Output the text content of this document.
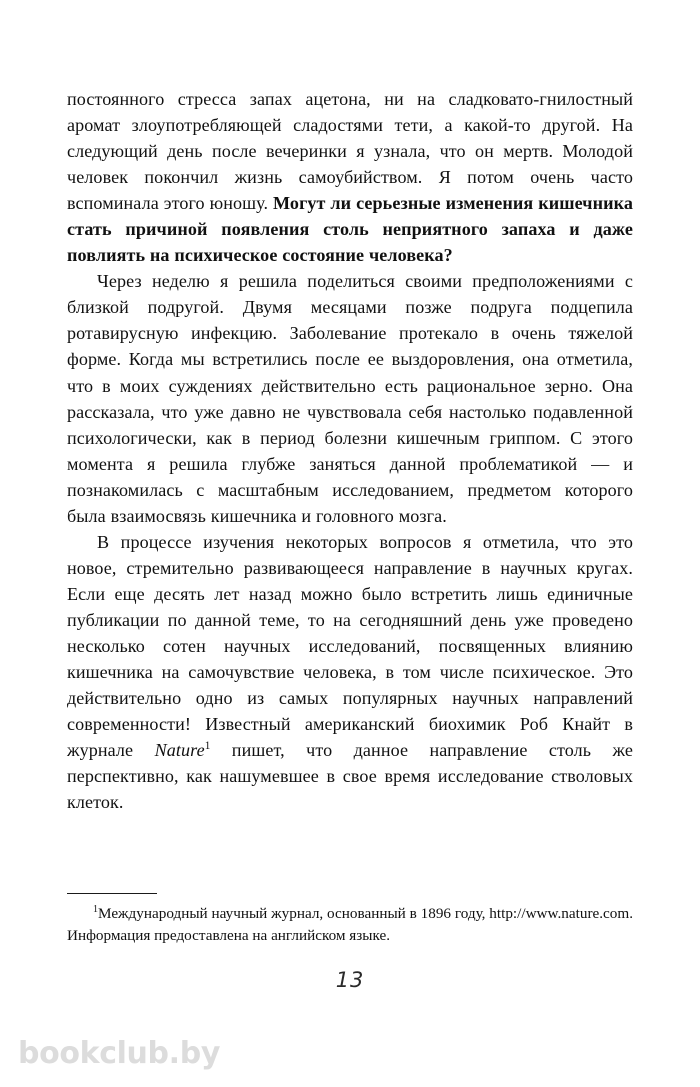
постоянного стресса запах ацетона, ни на сладковато-гнилостный аромат злоупотребляющей сладостями тети, а какой-то другой. На следующий день после вечеринки я узнала, что он мертв. Молодой человек покончил жизнь самоубийством. Я потом очень часто вспоминала этого юношу. Могут ли серьезные изменения кишечника стать причиной появления столь неприятного запаха и даже повлиять на психическое состояние человека?

Через неделю я решила поделиться своими предположениями с близкой подругой. Двумя месяцами позже подруга подцепила ротавирусную инфекцию. Заболевание протекало в очень тяжелой форме. Когда мы встретились после ее выздоровления, она отметила, что в моих суждениях действительно есть рациональное зерно. Она рассказала, что уже давно не чувствовала себя настолько подавленной психологически, как в период болезни кишечным гриппом. С этого момента я решила глубже заняться данной проблематикой — и познакомилась с масштабным исследованием, предметом которого была взаимосвязь кишечника и головного мозга.

В процессе изучения некоторых вопросов я отметила, что это новое, стремительно развивающееся направление в научных кругах. Если еще десять лет назад можно было встретить лишь единичные публикации по данной теме, то на сегодняшний день уже проведено несколько сотен научных исследований, посвященных влиянию кишечника на самочувствие человека, в том числе психическое. Это действительно одно из самых популярных научных направлений современности! Известный американский биохимик Роб Кнайт в журнале Nature$^1$ пишет, что данное направление столь же перспективно, как нашумевшее в свое время исследование стволовых клеток.

$^1$Международный научный журнал, основанный в 1896 году, http://www.nature.com. Информация предоставлена на английском языке.

13
bookclub.by
